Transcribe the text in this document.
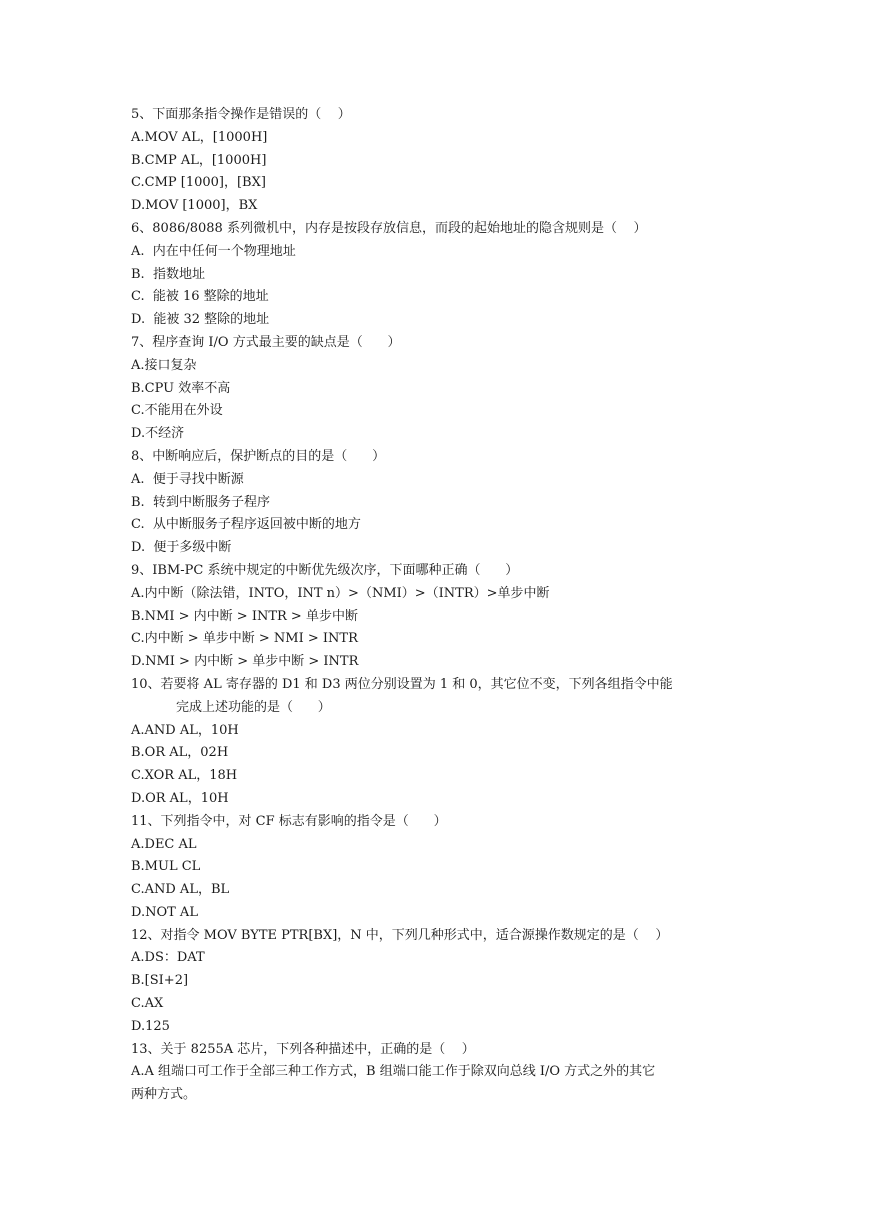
5、下面那条指令操作是错误的（    ）
A.MOV AL，[1000H]
B.CMP AL，[1000H]
C.CMP [1000]，[BX]
D.MOV [1000]，BX
6、8086/8088 系列微机中，内存是按段存放信息，而段的起始地址的隐含规则是（    ）
A.  内在中任何一个物理地址
B.  指数地址
C.  能被 16 整除的地址
D.  能被 32 整除的地址
7、程序查询 I/O 方式最主要的缺点是（      ）
A.接口复杂
B.CPU 效率不高
C.不能用在外设
D.不经济
8、中断响应后，保护断点的目的是（      ）
A.  便于寻找中断源
B.  转到中断服务子程序
C.  从中断服务子程序返回被中断的地方
D.  便于多级中断
9、IBM-PC 系统中规定的中断优先级次序，下面哪种正确（      ）
A.内中断（除法错，INTO，INT n）>（NMI）>（INTR）>单步中断
B.NMI > 内中断 > INTR > 单步中断
C.内中断 > 单步中断 > NMI > INTR
D.NMI > 内中断 > 单步中断 > INTR
10、若要将 AL 寄存器的 D1 和 D3 两位分别设置为 1 和 0，其它位不变，下列各组指令中能
完成上述功能的是（      ）
A.AND AL，10H
B.OR AL，02H
C.XOR AL，18H
D.OR AL，10H
11、下列指令中，对 CF 标志有影响的指令是（      ）
A.DEC AL
B.MUL CL
C.AND AL，BL
D.NOT AL
12、对指令 MOV BYTE PTR[BX]，N 中，下列几种形式中，适合源操作数规定的是（    ）
A.DS：DAT
B.[SI+2]
C.AX
D.125
13、关于 8255A 芯片，下列各种描述中，正确的是（    ）
A.A 组端口可工作于全部三种工作方式，B 组端口能工作于除双向总线 I/O 方式之外的其它
两种方式。
